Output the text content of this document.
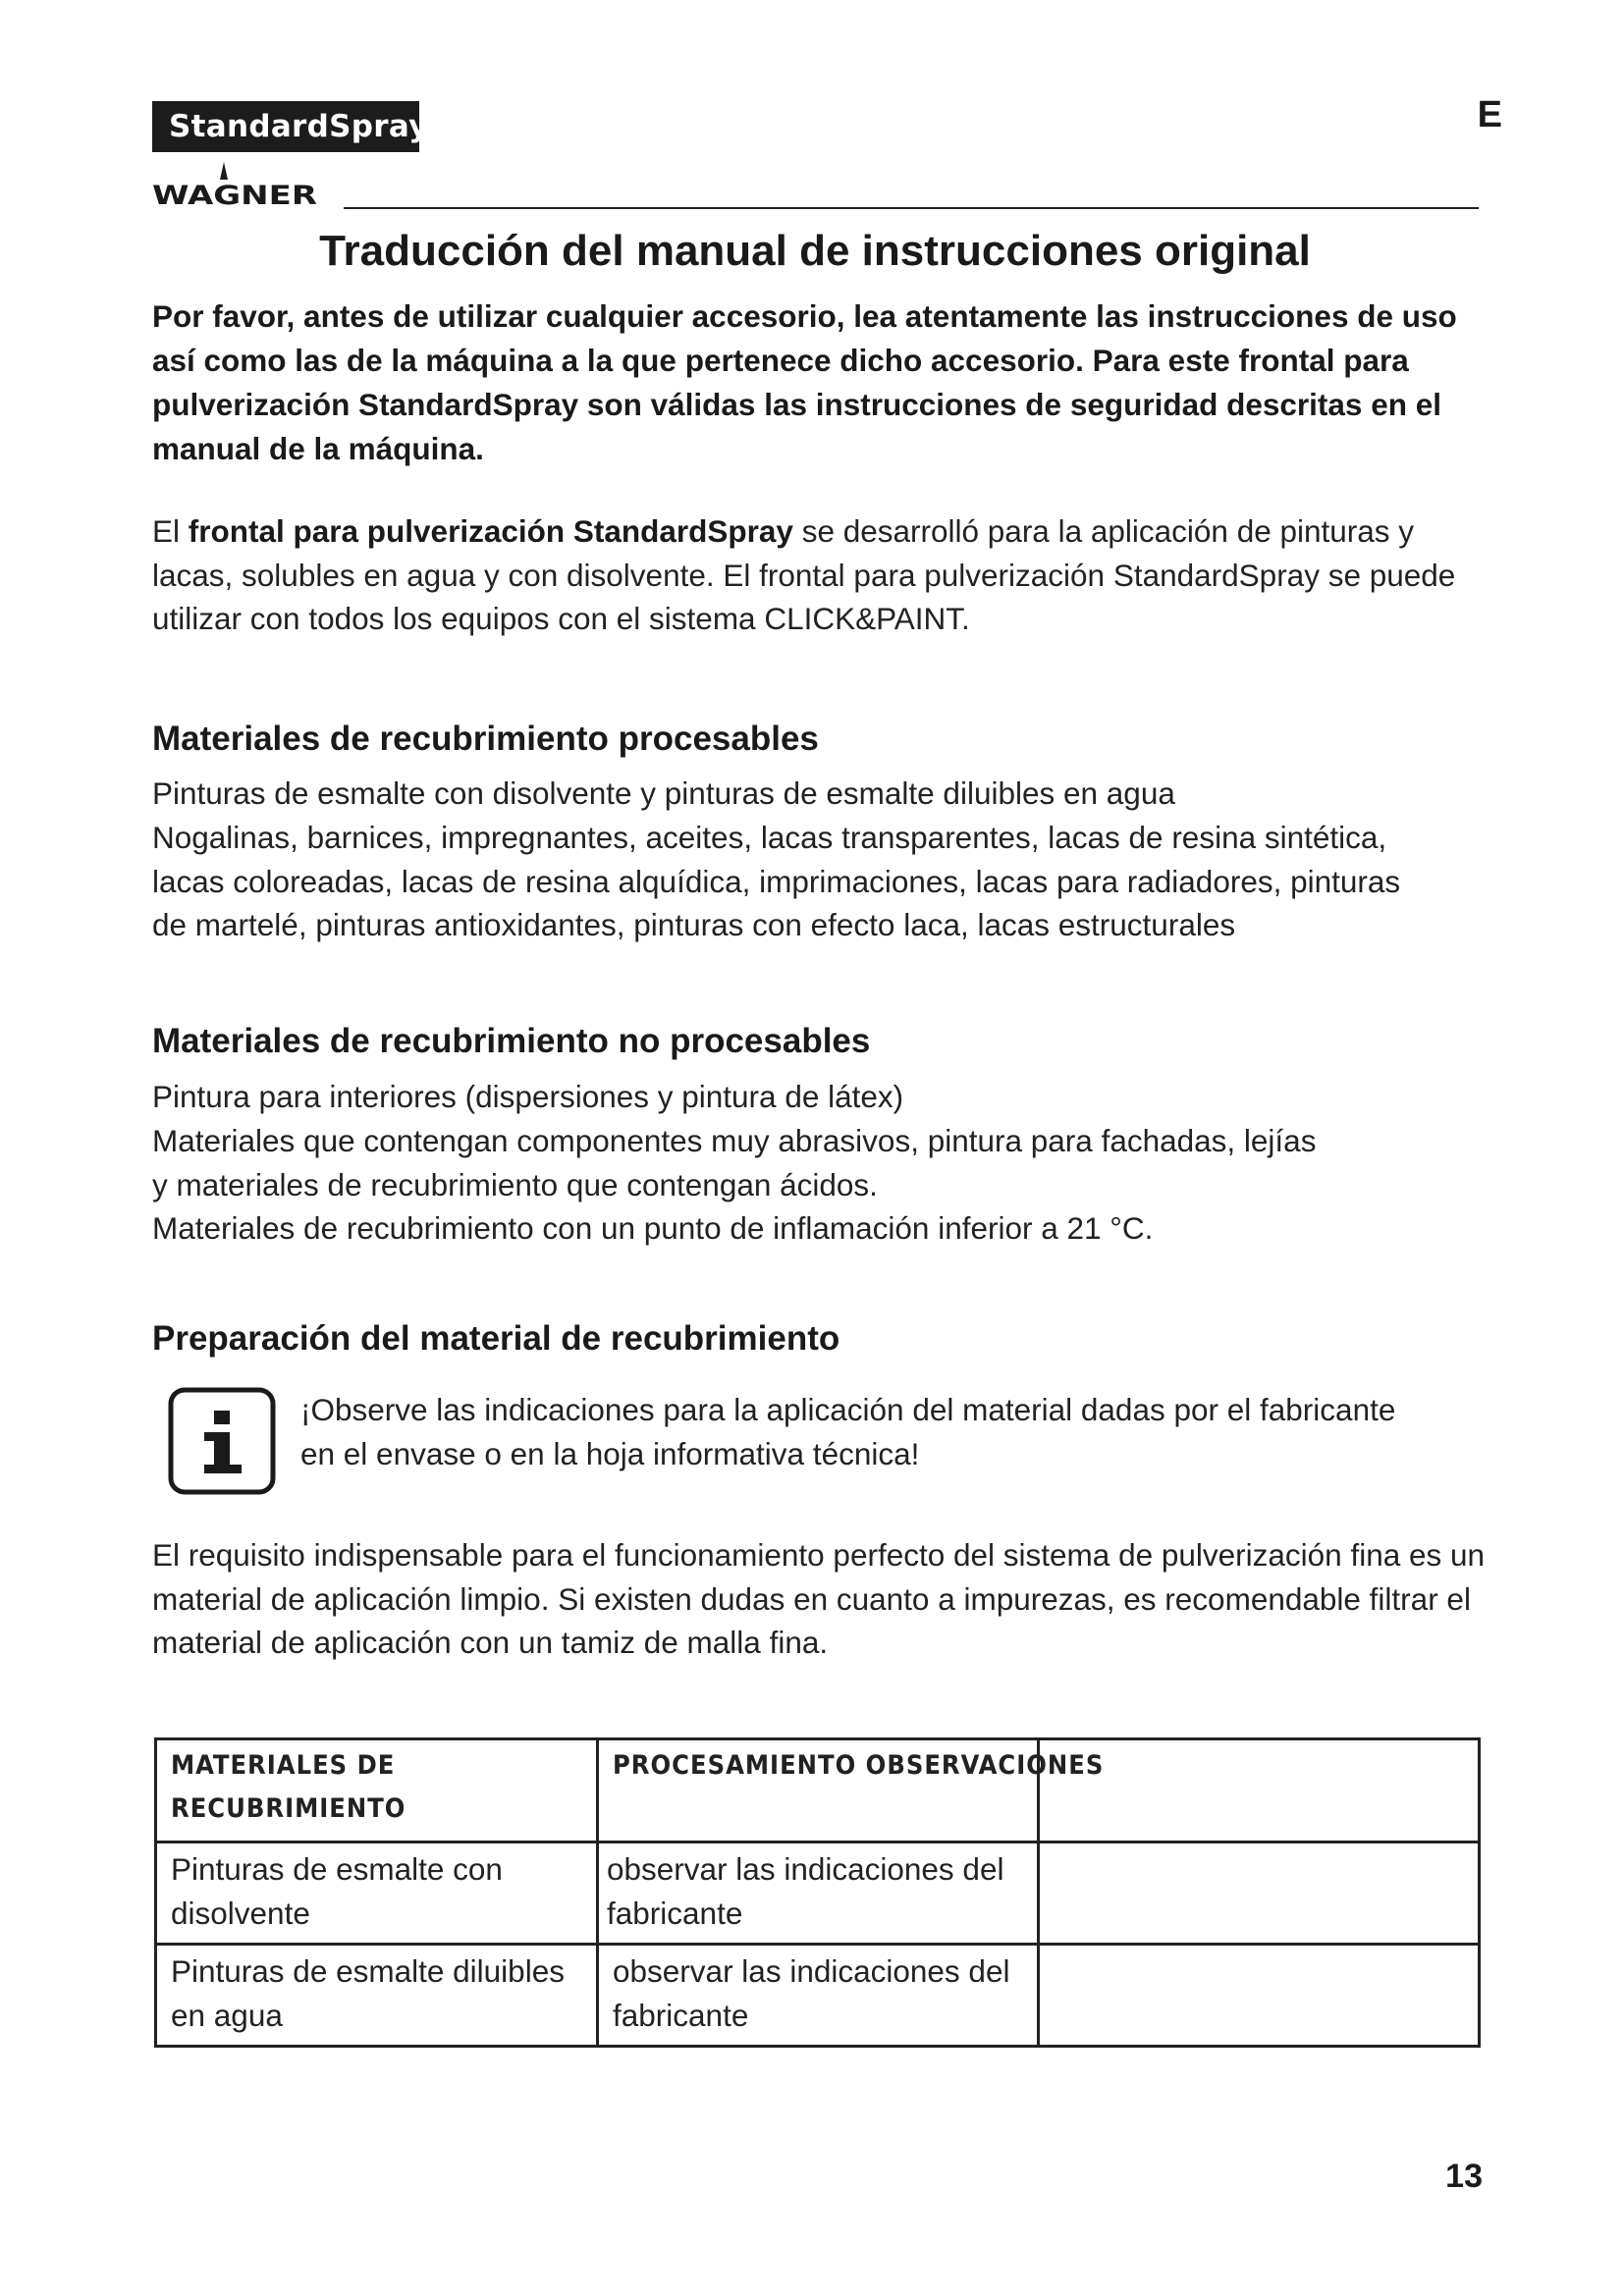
StandardSpray	E
WAGNER
Traducción del manual de instrucciones original
Por favor, antes de utilizar cualquier accesorio, lea atentamente las instrucciones de uso así como las de la máquina a la que pertenece dicho accesorio. Para este frontal para pulverización StandardSpray son válidas las instrucciones de seguridad descritas en el manual de la máquina.
El frontal para pulverización StandardSpray se desarrolló para la aplicación de pinturas y lacas, solubles en agua y con disolvente. El frontal para pulverización StandardSpray se puede utilizar con todos los equipos con el sistema CLICK&PAINT.
Materiales de recubrimiento procesables
Pinturas de esmalte con disolvente y pinturas de esmalte diluibles en agua
Nogalinas, barnices, impregnantes, aceites, lacas transparentes, lacas de resina sintética,
lacas coloreadas, lacas de resina alquídica, imprimaciones, lacas para radiadores, pinturas
de martelé, pinturas antioxidantes, pinturas con efecto laca, lacas estructurales
Materiales de recubrimiento no procesables
Pintura para interiores (dispersiones y pintura de látex)
Materiales que contengan componentes muy abrasivos, pintura para fachadas, lejías
y materiales de recubrimiento que contengan ácidos.
Materiales de recubrimiento con un punto de inflamación inferior a 21 °C.
Preparación del material de recubrimiento
¡Observe las indicaciones para la aplicación del material dadas por el fabricante en el envase o en la hoja informativa técnica!
El requisito indispensable para el funcionamiento perfecto del sistema de pulverización fina es un material de aplicación limpio. Si existen dudas en cuanto a impurezas, es recomendable filtrar el material de aplicación con un tamiz de malla fina.
MATERIALES DE RECUBRIMIENTO	PROCESAMIENTO OBSERVACIONES	
Pinturas de esmalte con disolvente	observar las indicaciones del fabricante	
Pinturas de esmalte diluibles en agua	observar las indicaciones del fabricante	
13
